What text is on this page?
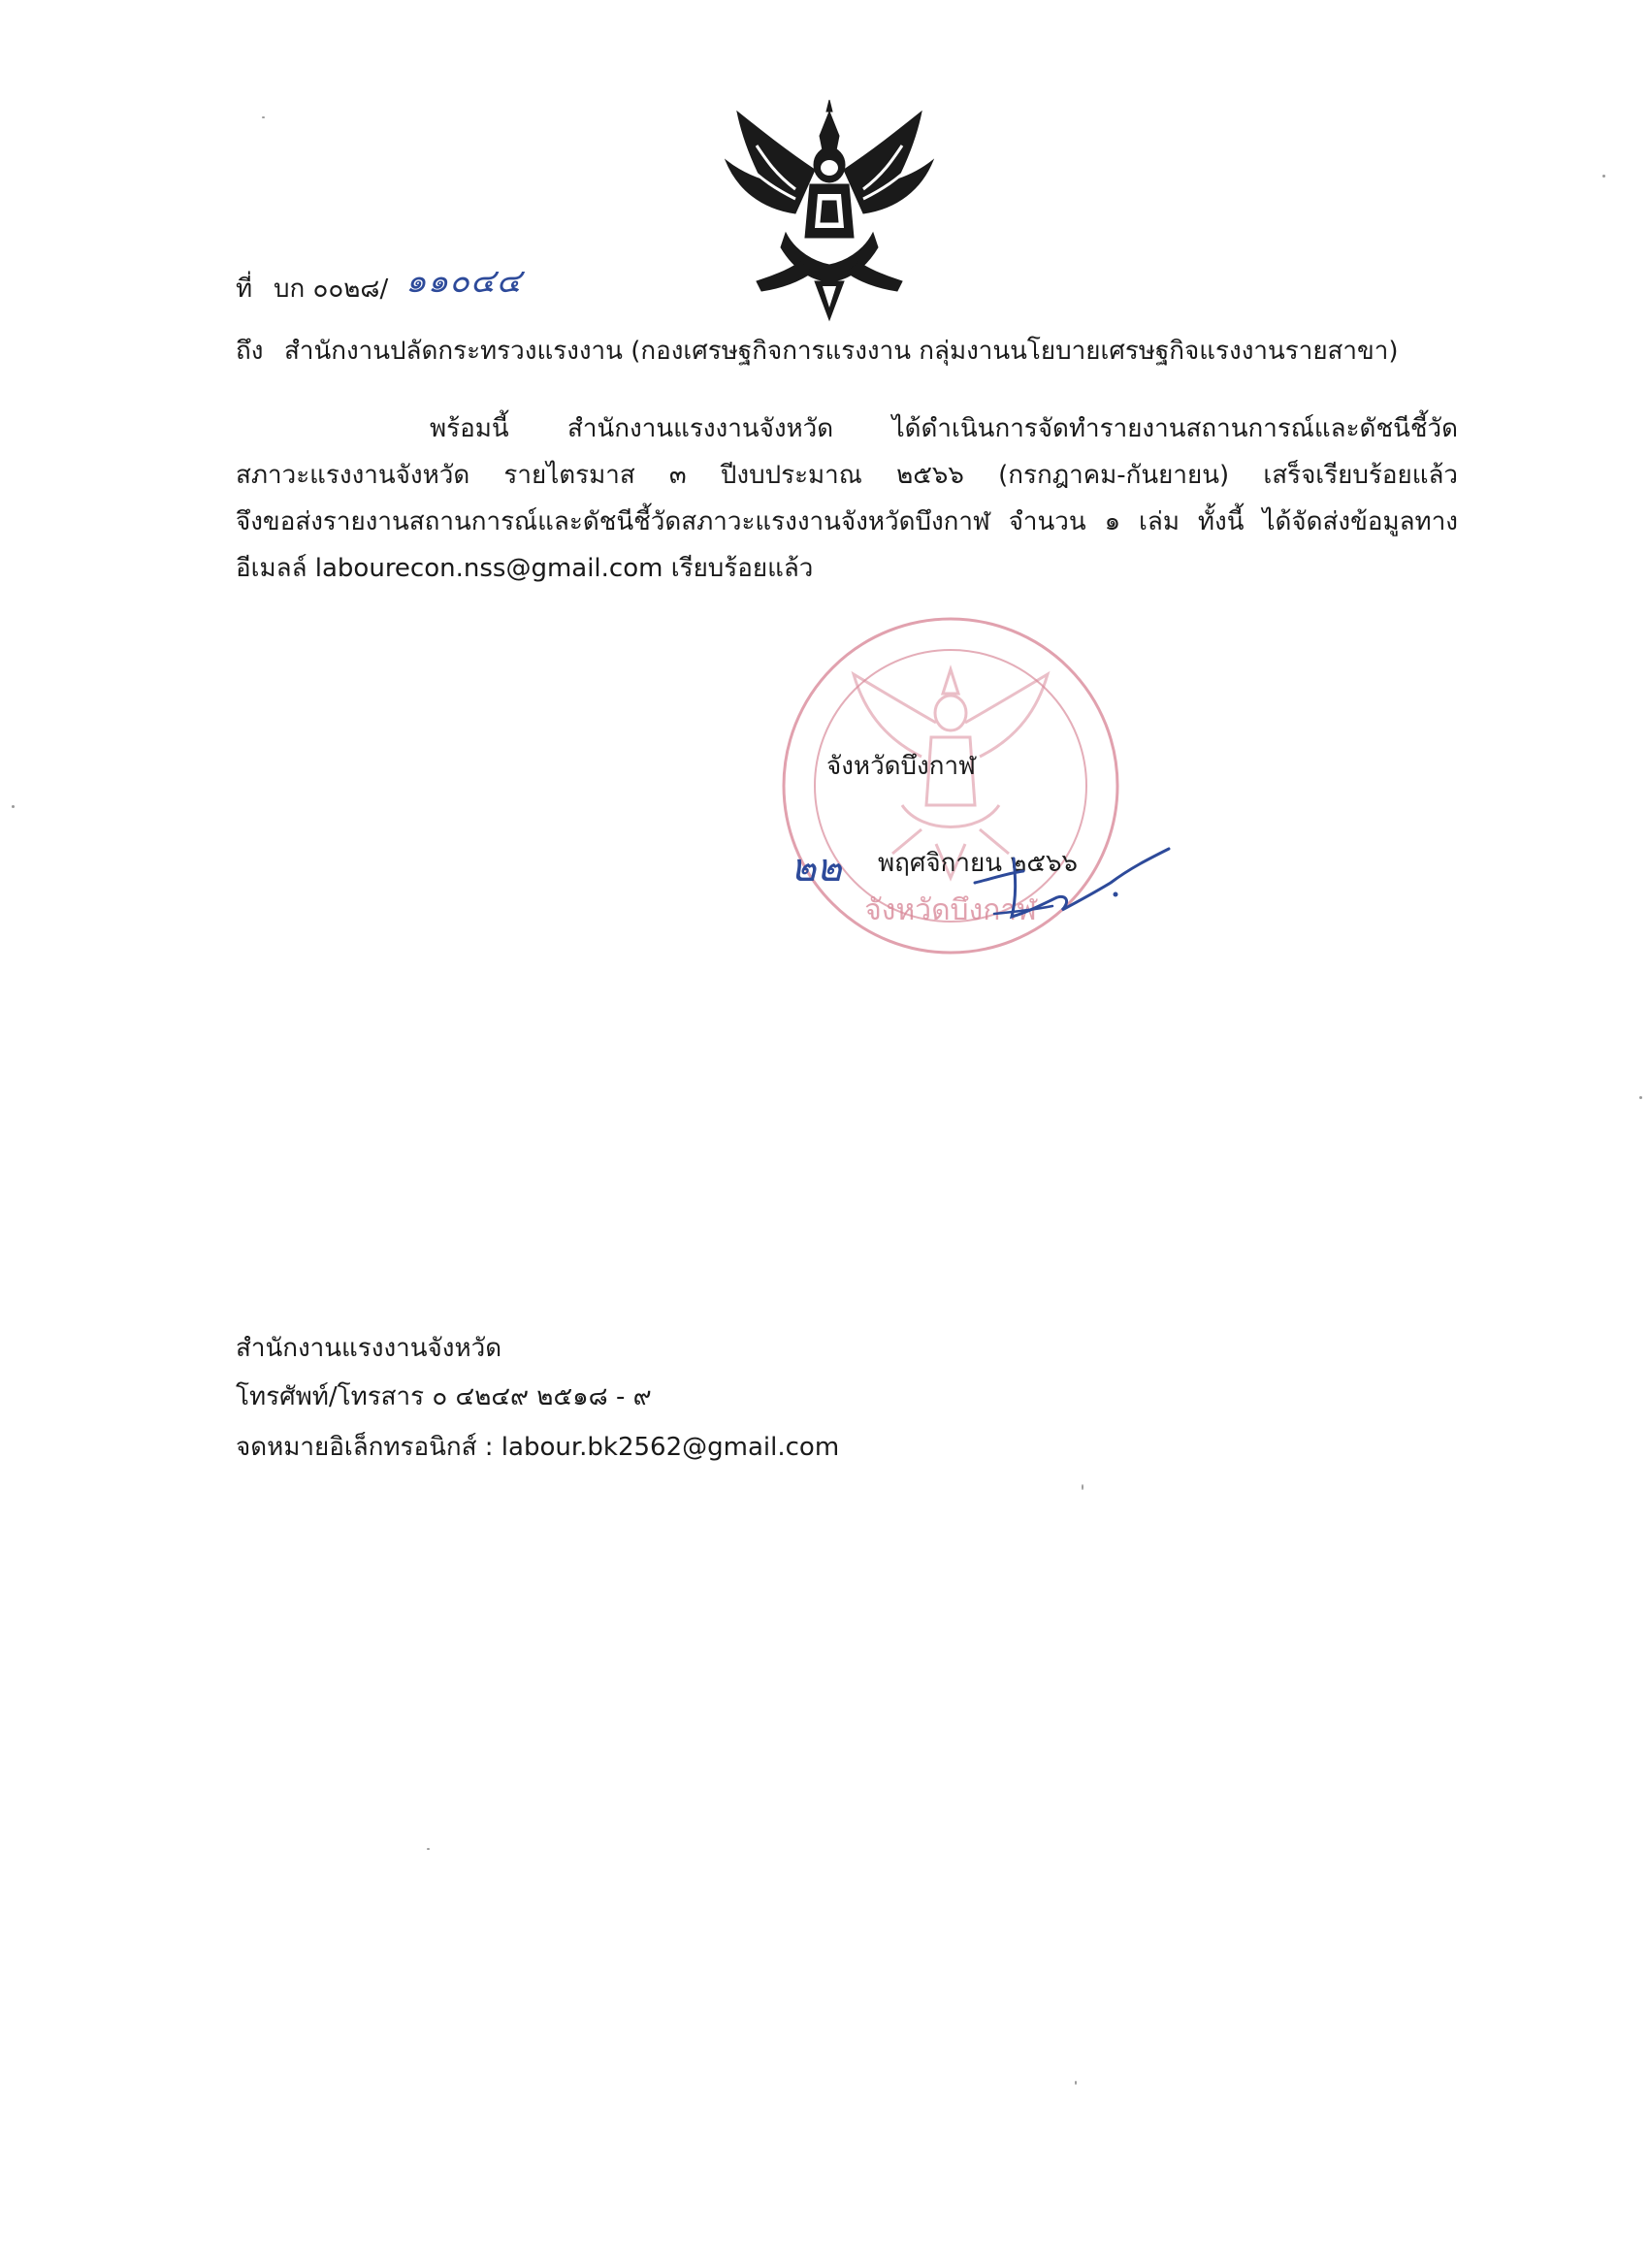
ที่ บก ๐๐๒๘/ ๑๑๐๔๔
ถึง สำนักงานปลัดกระทรวงแรงงาน (กองเศรษฐกิจการแรงงาน กลุ่มงานนโยบายเศรษฐกิจแรงงานรายสาขา)

พร้อมนี้ สำนักงานแรงงานจังหวัด ได้ดำเนินการจัดทำรายงานสถานการณ์และดัชนีชี้วัด

สภาวะแรงงานจังหวัด รายไตรมาส ๓ ปีงบประมาณ ๒๕๖๖ (กรกฎาคม-กันยายน) เสร็จเรียบร้อยแล้ว

จึงขอส่งรายงานสถานการณ์และดัชนีชี้วัดสภาวะแรงงานจังหวัดบึงกาฬ จำนวน ๑ เล่ม ทั้งนี้ ได้จัดส่งข้อมูลทาง

อีเมลล์ labourecon.nss@gmail.com เรียบร้อยแล้ว

จังหวัดบึงกาฬ
จังหวัดบึงกาฬ
๒๒ พฤศจิกายน ๒๕๖๖
สำนักงานแรงงานจังหวัด
โทรศัพท์/โทรสาร ๐ ๔๒๔๙ ๒๕๑๘ - ๙
จดหมายอิเล็กทรอนิกส์ : labour.bk2562@gmail.com
